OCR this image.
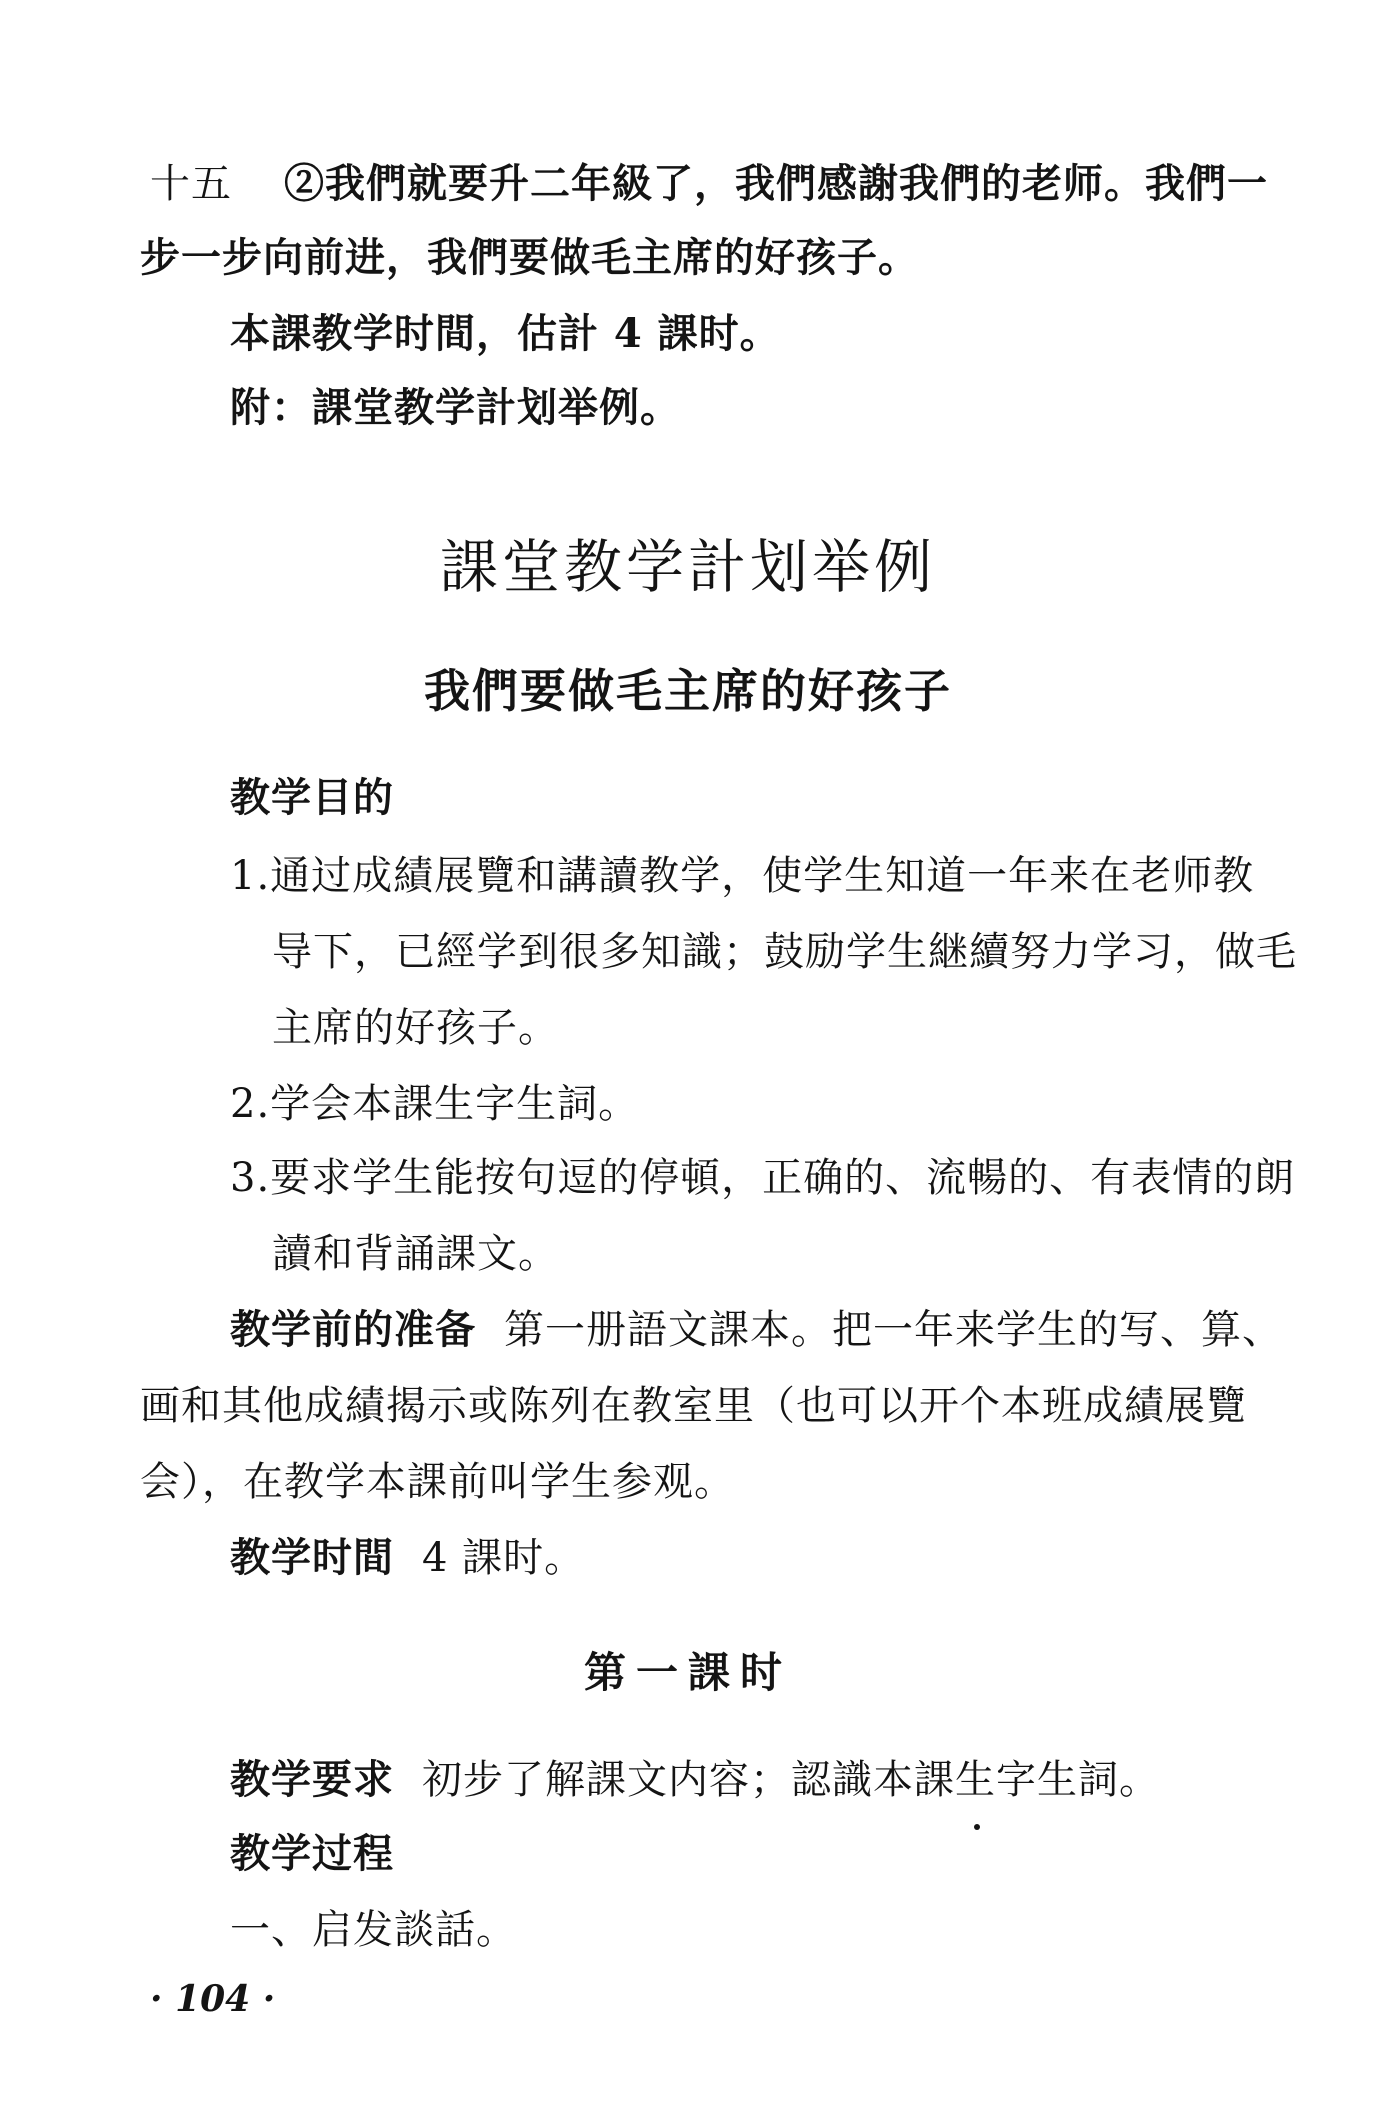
十五 ②我們就要升二年級了，我們感謝我們的老师。我們一
步一步向前进，我們要做毛主席的好孩子。
本課教学时間，估計 4 課时。
附：課堂教学計划举例。
課堂教学計划举例
我們要做毛主席的好孩子
教学目的
1.通过成績展覽和講讀教学，使学生知道一年来在老师教
导下，已經学到很多知識；鼓励学生継續努力学习，做毛
主席的好孩子。
2.学会本課生字生詞。
3.要求学生能按句逗的停頓，正确的、流暢的、有表情的朗
讀和背誦課文。
教学前的准备 第一册語文課本。把一年来学生的写、算、
画和其他成績揭示或陈列在教室里（也可以开个本班成績展覽
会），在教学本課前叫学生参观。
教学时間 4 課时。
第一課时
教学要求 初步了解課文内容；認識本課生字生詞。
教学过程
一、启发談話。
· 104 ·
